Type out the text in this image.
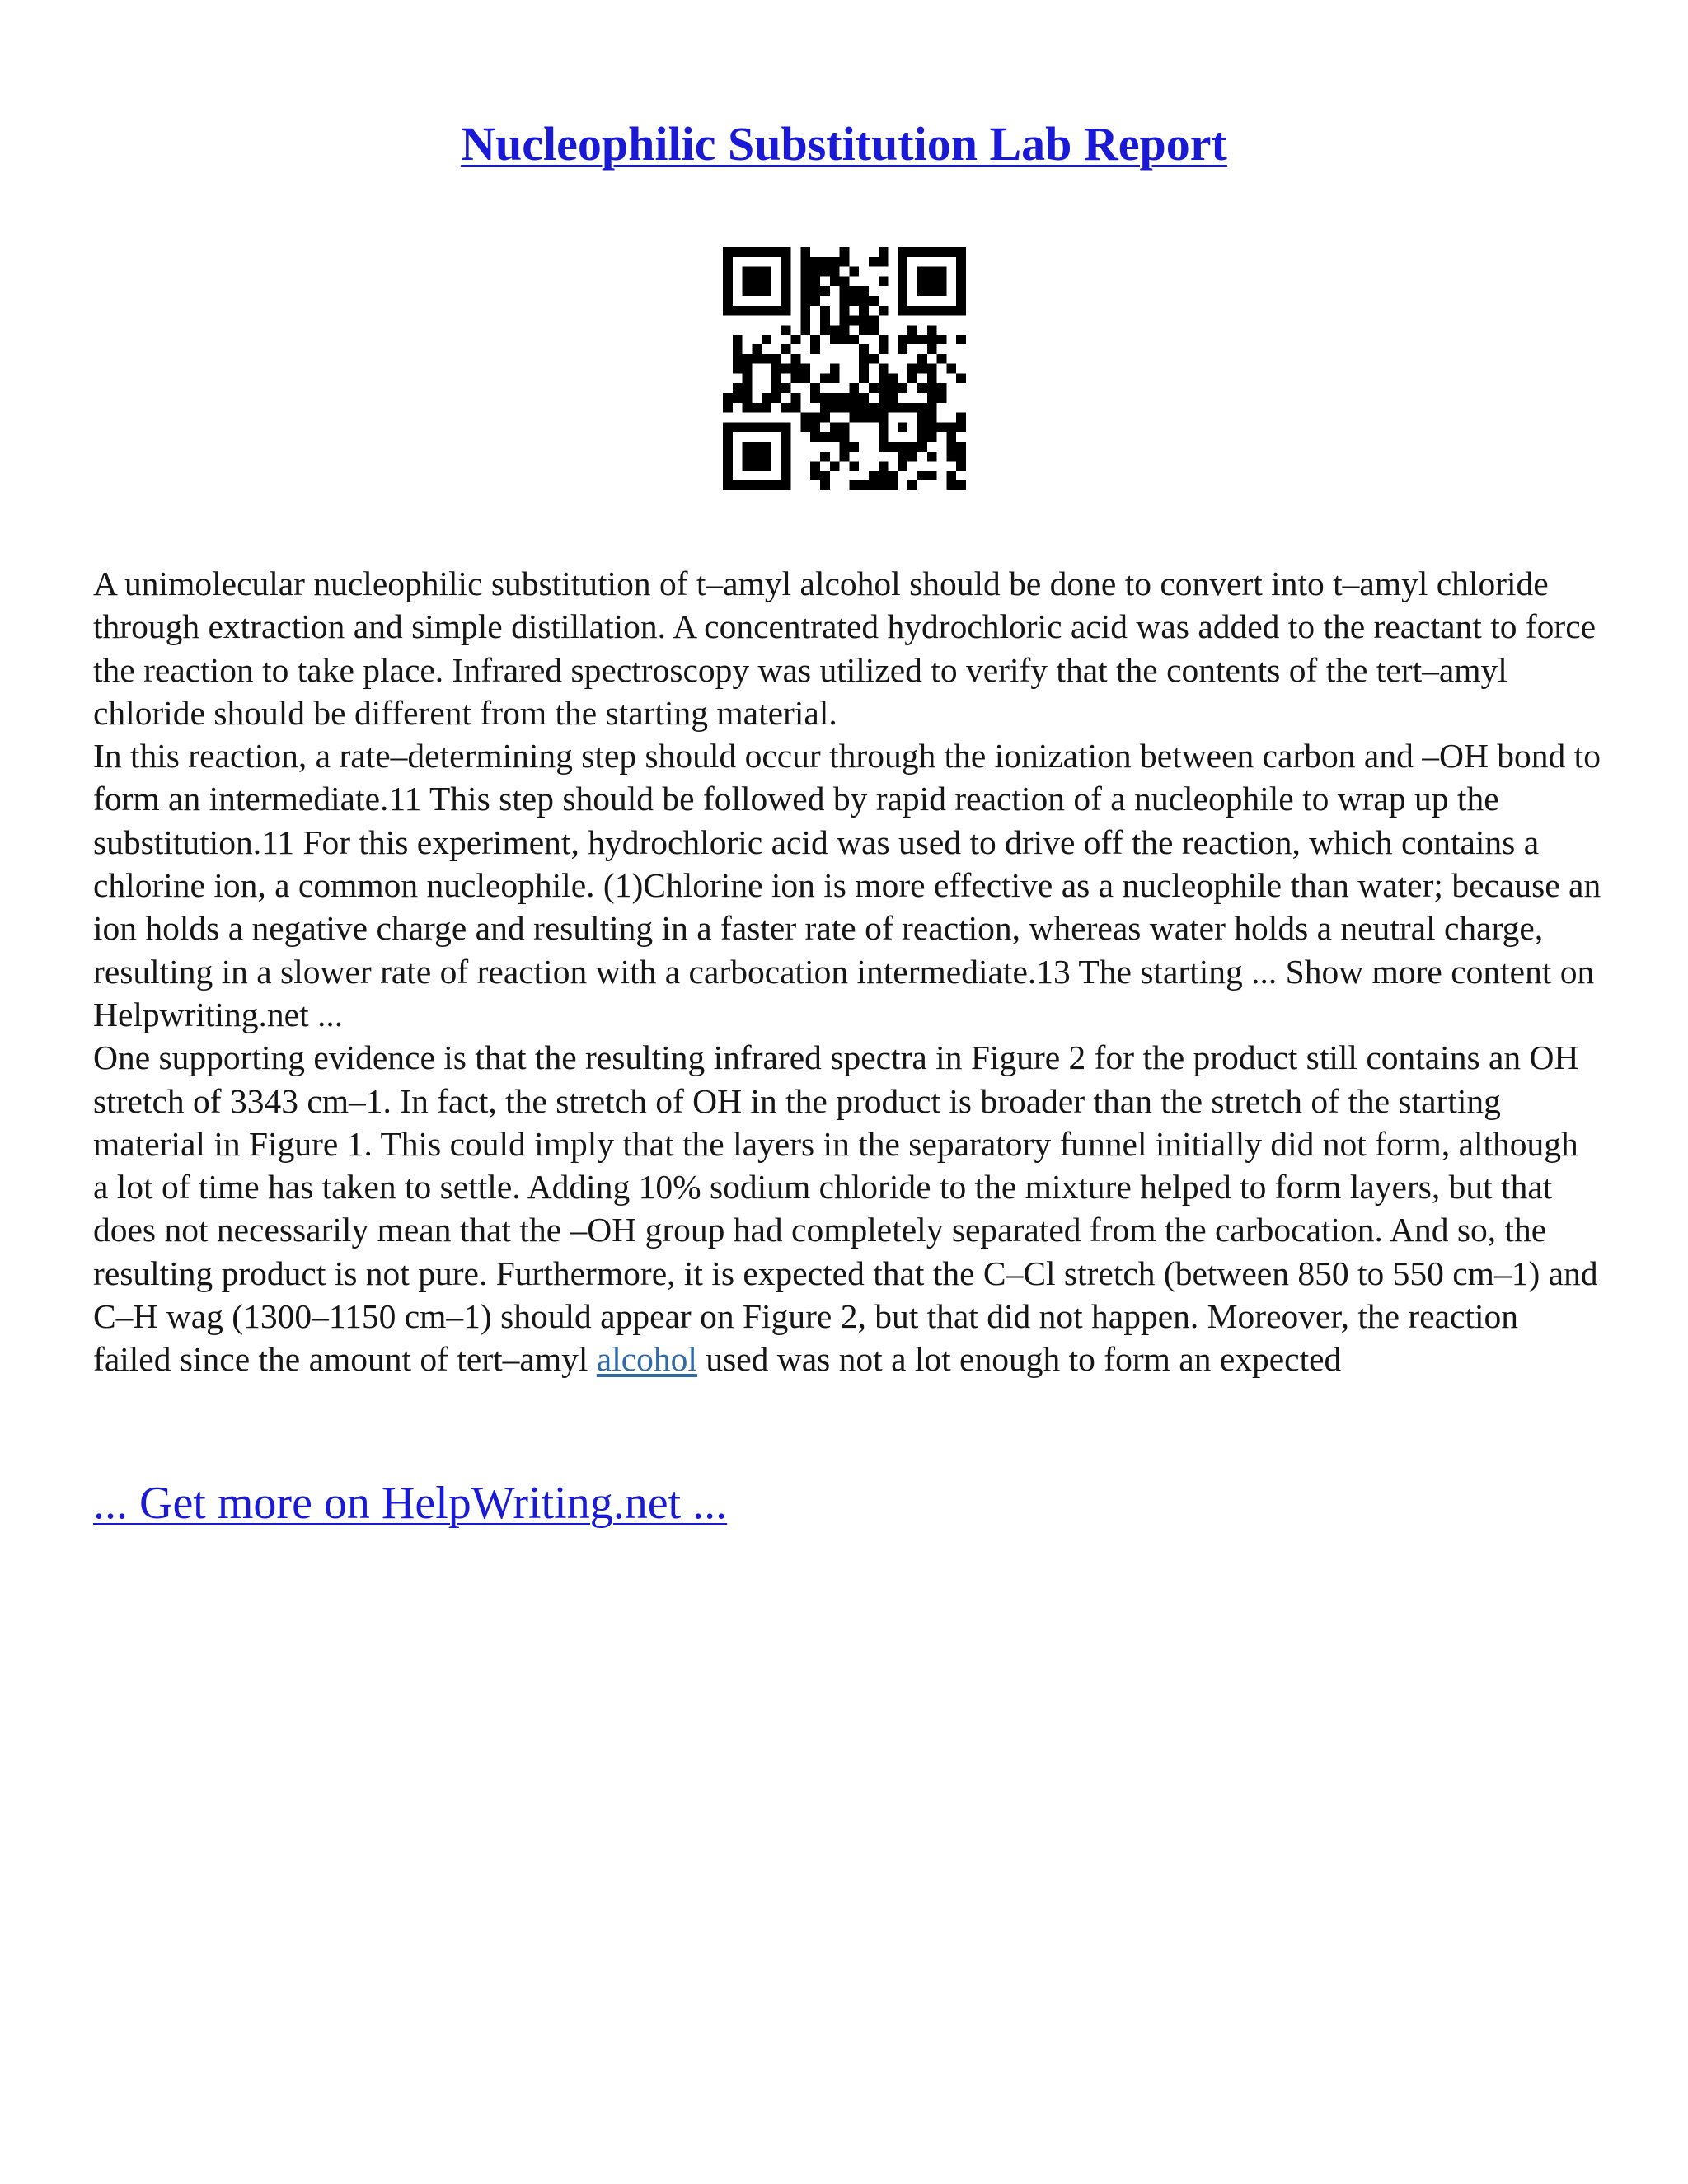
Nucleophilic Substitution Lab Report

A unimolecular nucleophilic substitution of t–amyl alcohol should be done to convert into t–amyl chloride through extraction and simple distillation. A concentrated hydrochloric acid was added to the reactant to force the reaction to take place. Infrared spectroscopy was utilized to verify that the contents of the tert–amyl chloride should be different from the starting material.

In this reaction, a rate–determining step should occur through the ionization between carbon and –OH bond to form an intermediate.11 This step should be followed by rapid reaction of a nucleophile to wrap up the substitution.11 For this experiment, hydrochloric acid was used to drive off the reaction, which contains a chlorine ion, a common nucleophile. (1)Chlorine ion is more effective as a nucleophile than water; because an ion holds a negative charge and resulting in a faster rate of reaction, whereas water holds a neutral charge, resulting in a slower rate of reaction with a carbocation intermediate.13 The starting ... Show more content on Helpwriting.net ...

One supporting evidence is that the resulting infrared spectra in Figure 2 for the product still contains an OH stretch of 3343 cm–1. In fact, the stretch of OH in the product is broader than the stretch of the starting material in Figure 1. This could imply that the layers in the separatory funnel initially did not form, although a lot of time has taken to settle. Adding 10% sodium chloride to the mixture helped to form layers, but that does not necessarily mean that the –OH group had completely separated from the carbocation. And so, the resulting product is not pure. Furthermore, it is expected that the C–Cl stretch (between 850 to 550 cm–1) and C–H wag (1300–1150 cm–1) should appear on Figure 2, but that did not happen. Moreover, the reaction failed since the amount of tert–amyl alcohol used was not a lot enough to form an expected

... Get more on HelpWriting.net ...
